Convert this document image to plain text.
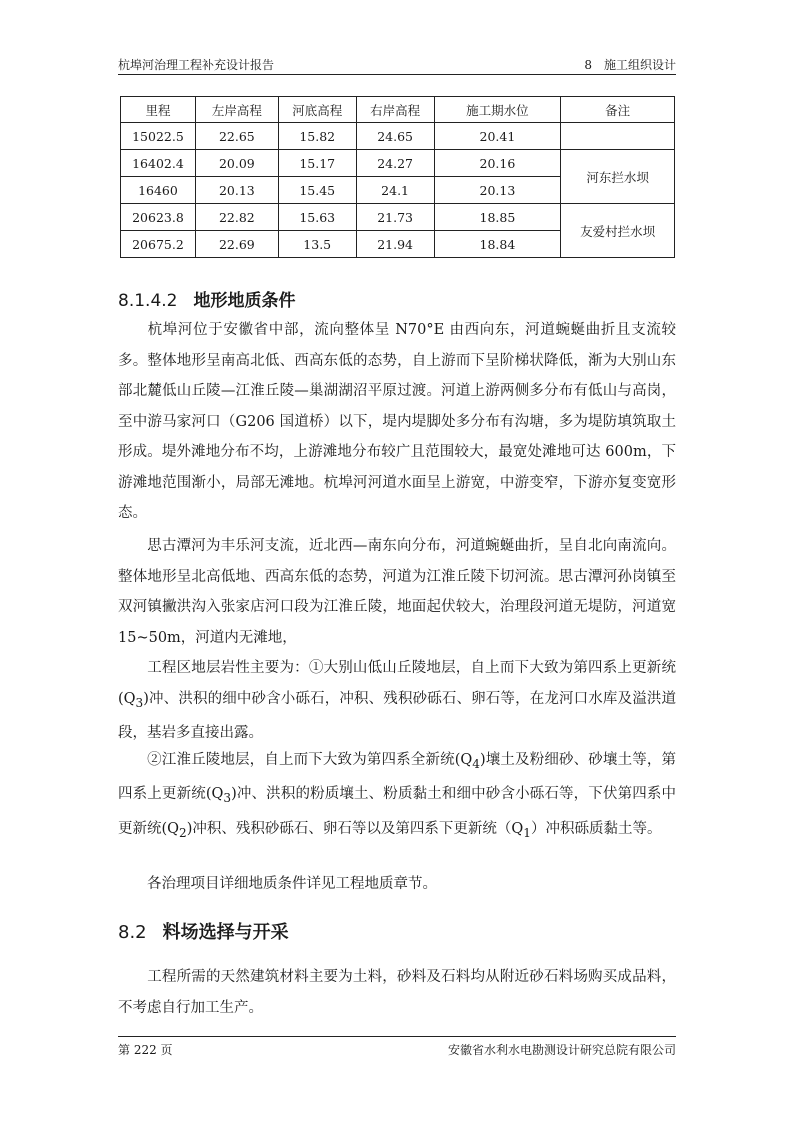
杭埠河治理工程补充设计报告	8　施工组织设计
里程	左岸高程	河底高程	右岸高程	施工期水位	备注
15022.5	22.65	15.82	24.65	20.41	
16402.4	20.09	15.17	24.27	20.16	河东拦水坝
16460	20.13	15.45	24.1	20.13	
20623.8	22.82	15.63	21.73	18.85	友爱村拦水坝
20675.2	22.69	13.5	21.94	18.84	
8.1.4.2 地形地质条件

杭埠河位于安徽省中部，流向整体呈 N70°E 由西向东，河道蜿蜒曲折且支流较多。整体地形呈南高北低、西高东低的态势，自上游而下呈阶梯状降低，渐为大别山东部北麓低山丘陵—江淮丘陵—巢湖湖沼平原过渡。河道上游两侧多分布有低山与高岗，至中游马家河口（G206 国道桥）以下，堤内堤脚处多分布有沟塘，多为堤防填筑取土形成。堤外滩地分布不均，上游滩地分布较广且范围较大，最宽处滩地可达 600m，下游滩地范围渐小，局部无滩地。杭埠河河道水面呈上游宽，中游变窄，下游亦复变宽形态。

思古潭河为丰乐河支流，近北西—南东向分布，河道蜿蜒曲折，呈自北向南流向。整体地形呈北高低地、西高东低的态势，河道为江淮丘陵下切河流。思古潭河孙岗镇至双河镇撇洪沟入张家店河口段为江淮丘陵，地面起伏较大，治理段河道无堤防，河道宽 15~50m，河道内无滩地，

工程区地层岩性主要为：①大别山低山丘陵地层，自上而下大致为第四系上更新统$(Q_3)$冲、洪积的细中砂含小砾石，冲积、残积砂砾石、卵石等，在龙河口水库及溢洪道段，基岩多直接出露。

②江淮丘陵地层，自上而下大致为第四系全新统$(Q_4)$壤土及粉细砂、砂壤土等，第四系上更新统$(Q_3)$冲、洪积的粉质壤土、粉质黏土和细中砂含小砾石等，下伏第四系中更新统$(Q_2)$冲积、残积砂砾石、卵石等以及第四系下更新统$(Q_1)$冲积砾质黏土等。

各治理项目详细地质条件详见工程地质章节。

8.2 料场选择与开采

工程所需的天然建筑材料主要为土料，砂料及石料均从附近砂石料场购买成品料，不考虑自行加工生产。

第 222 页	安徽省水利水电勘测设计研究总院有限公司
